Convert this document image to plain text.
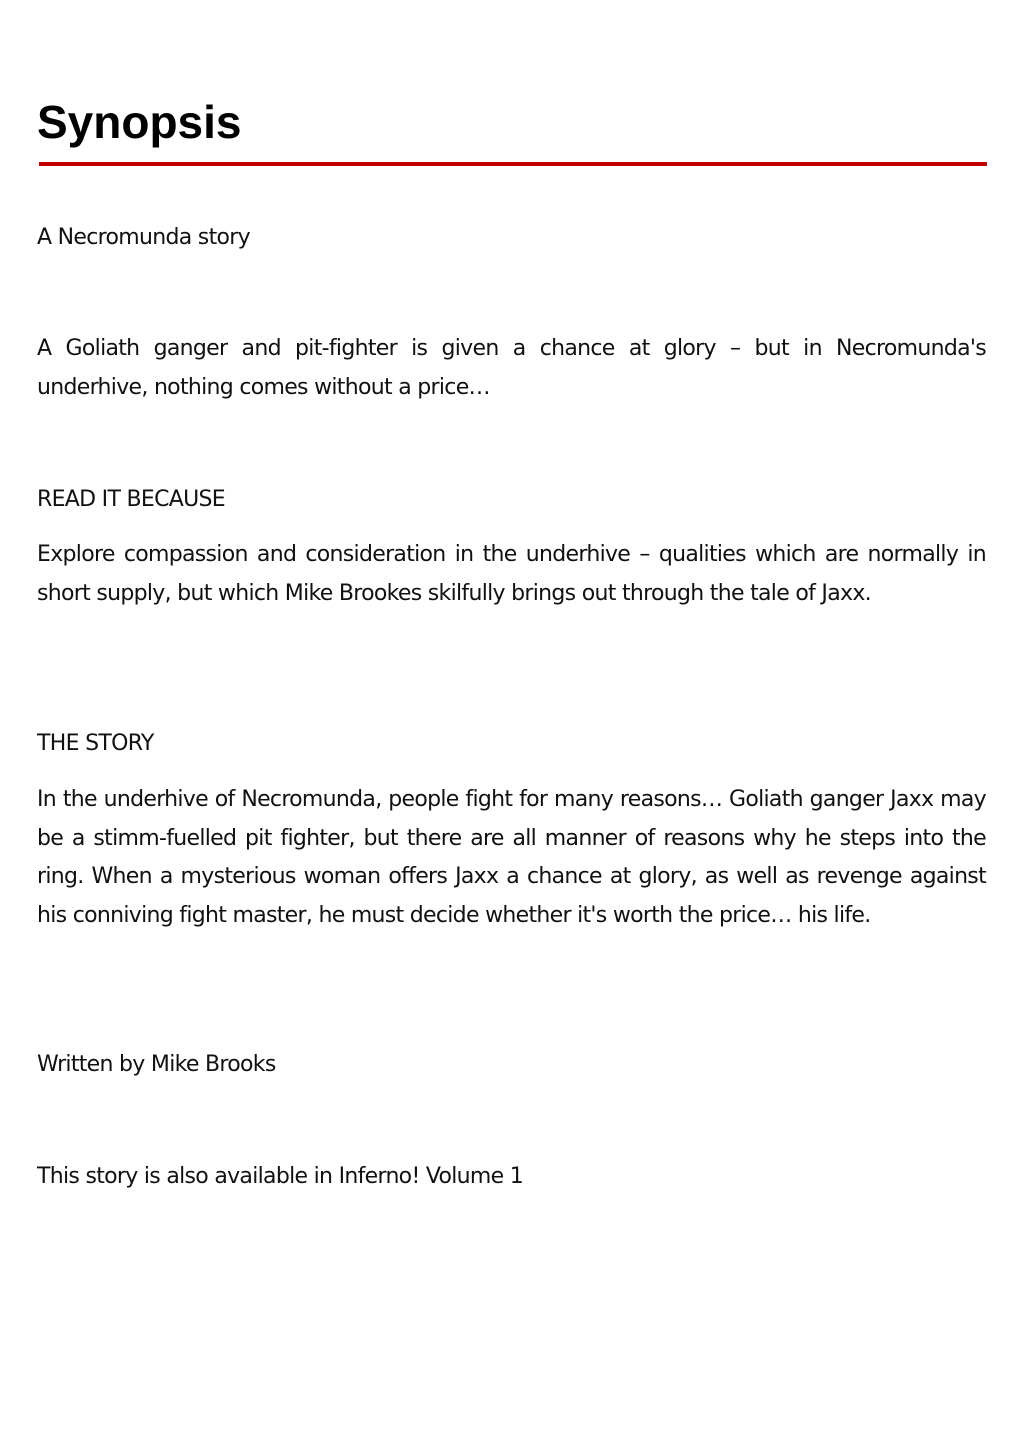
Synopsis

A Necromunda story

A Goliath ganger and pit-fighter is given a chance at glory – but in Necromunda's underhive, nothing comes without a price…

READ IT BECAUSE

Explore compassion and consideration in the underhive – qualities which are normally in short supply, but which Mike Brookes skilfully brings out through the tale of Jaxx.

THE STORY

In the underhive of Necromunda, people fight for many reasons… Goliath ganger Jaxx may be a stimm-fuelled pit fighter, but there are all manner of reasons why he steps into the ring. When a mysterious woman offers Jaxx a chance at glory, as well as revenge against his conniving fight master, he must decide whether it's worth the price… his life.

Written by Mike Brooks

This story is also available in Inferno! Volume 1
